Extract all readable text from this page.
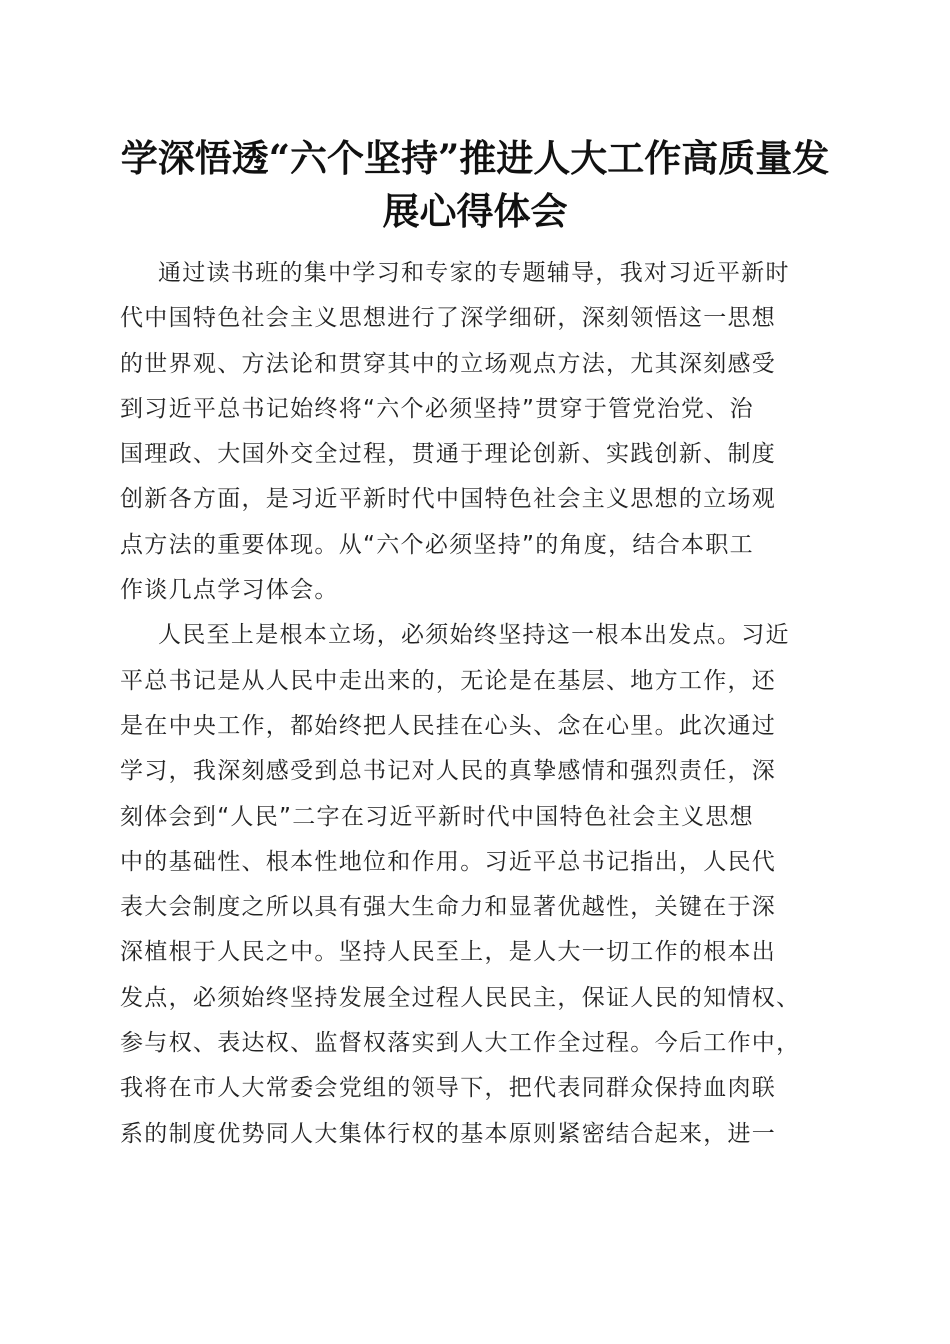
学深悟透“六个坚持”推进人大工作高质量发
展心得体会
通过读书班的集中学习和专家的专题辅导，我对习近平新时
代中国特色社会主义思想进行了深学细研，深刻领悟这一思想
的世界观、方法论和贯穿其中的立场观点方法，尤其深刻感受
到习近平总书记始终将“六个必须坚持”贯穿于管党治党、治
国理政、大国外交全过程，贯通于理论创新、实践创新、制度
创新各方面，是习近平新时代中国特色社会主义思想的立场观
点方法的重要体现。从“六个必须坚持”的角度，结合本职工
作谈几点学习体会。
人民至上是根本立场，必须始终坚持这一根本出发点。习近
平总书记是从人民中走出来的，无论是在基层、地方工作，还
是在中央工作，都始终把人民挂在心头、念在心里。此次通过
学习，我深刻感受到总书记对人民的真挚感情和强烈责任，深
刻体会到“人民”二字在习近平新时代中国特色社会主义思想
中的基础性、根本性地位和作用。习近平总书记指出，人民代
表大会制度之所以具有强大生命力和显著优越性，关键在于深
深植根于人民之中。坚持人民至上，是人大一切工作的根本出
发点，必须始终坚持发展全过程人民民主，保证人民的知情权、
参与权、表达权、监督权落实到人大工作全过程。今后工作中，
我将在市人大常委会党组的领导下，把代表同群众保持血肉联
系的制度优势同人大集体行权的基本原则紧密结合起来，进一
